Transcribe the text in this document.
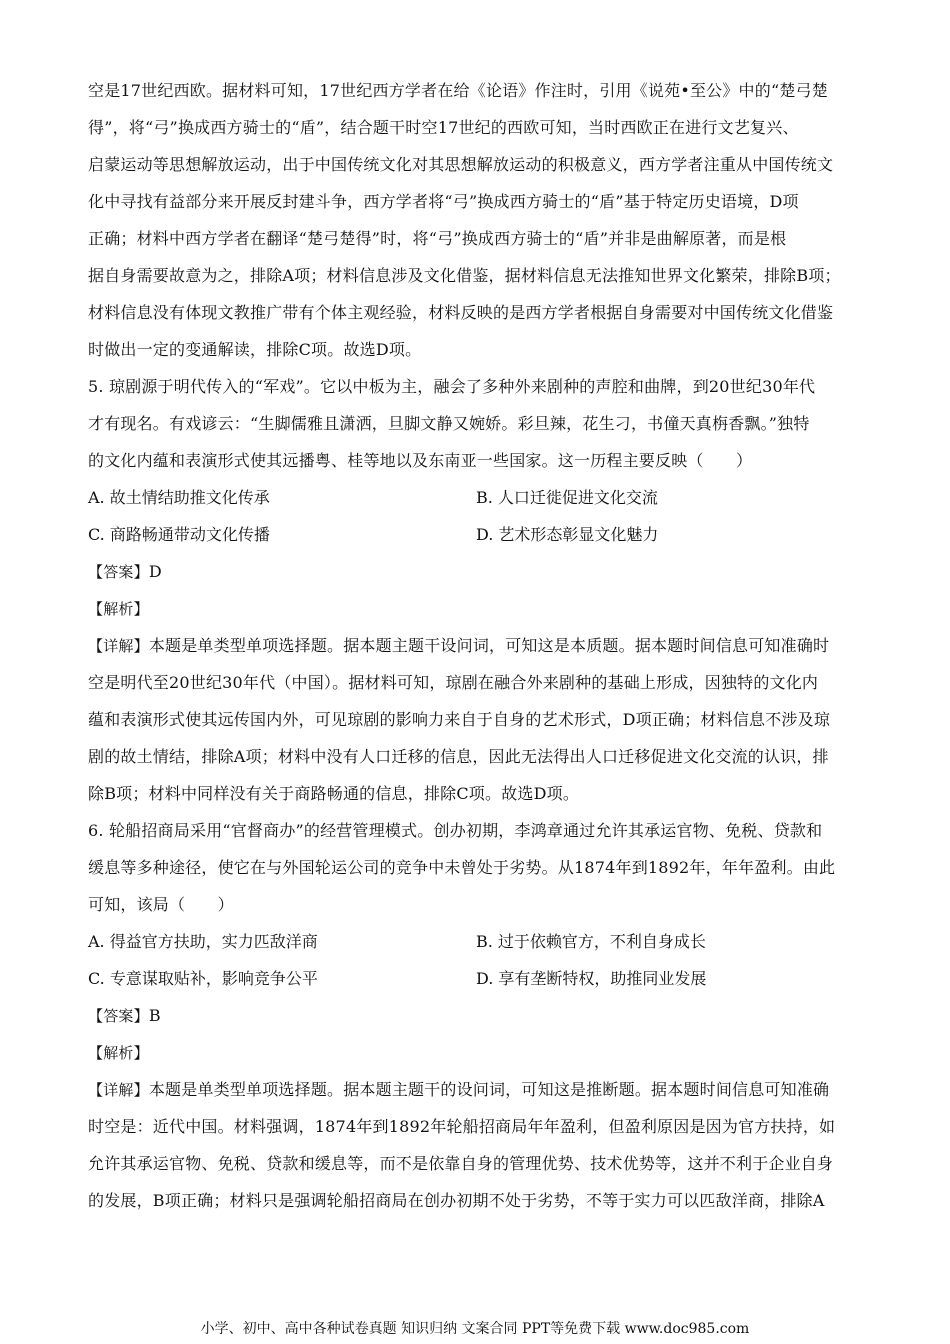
空是17世纪西欧。据材料可知，17世纪西方学者在给《论语》作注时，引用《说苑•至公》中的“楚弓楚
得”，将“弓”换成西方骑士的“盾”，结合题干时空17世纪的西欧可知，当时西欧正在进行文艺复兴、
启蒙运动等思想解放运动，出于中国传统文化对其思想解放运动的积极意义，西方学者注重从中国传统文
化中寻找有益部分来开展反封建斗争，西方学者将“弓”换成西方骑士的“盾”基于特定历史语境，D项
正确；材料中西方学者在翻译“楚弓楚得”时，将“弓”换成西方骑士的“盾”并非是曲解原著，而是根
据自身需要故意为之，排除A项；材料信息涉及文化借鉴，据材料信息无法推知世界文化繁荣，排除B项；
材料信息没有体现文教推广带有个体主观经验，材料反映的是西方学者根据自身需要对中国传统文化借鉴
时做出一定的变通解读，排除C项。故选D项。
5. 琼剧源于明代传入的“军戏”。它以中板为主，融会了多种外来剧种的声腔和曲牌，到20世纪30年代
才有现名。有戏谚云：“生脚儒雅且潇洒，旦脚文静又婉娇。彩旦辣，花生刁，书僮天真栴香飘。”独特
的文化内蕴和表演形式使其远播粤、桂等地以及东南亚一些国家。这一历程主要反映（　　）
A. 故土情结助推文化传承	B. 人口迁徙促进文化交流
C. 商路畅通带动文化传播	D. 艺术形态彰显文化魅力
【答案】D
【解析】
【详解】本题是单类型单项选择题。据本题主题干设问词，可知这是本质题。据本题时间信息可知准确时
空是明代至20世纪30年代（中国）。据材料可知，琼剧在融合外来剧种的基础上形成，因独特的文化内
蕴和表演形式使其远传国内外，可见琼剧的影响力来自于自身的艺术形式，D项正确；材料信息不涉及琼
剧的故土情结，排除A项；材料中没有人口迁移的信息，因此无法得出人口迁移促进文化交流的认识，排
除B项；材料中同样没有关于商路畅通的信息，排除C项。故选D项。
6. 轮船招商局采用“官督商办”的经营管理模式。创办初期，李鸿章通过允许其承运官物、免税、贷款和
缓息等多种途径，使它在与外国轮运公司的竞争中未曾处于劣势。从1874年到1892年，年年盈利。由此
可知，该局（　　）
A. 得益官方扶助，实力匹敌洋商	B. 过于依赖官方，不利自身成长
C. 专意谋取贴补，影响竞争公平	D. 享有垄断特权，助推同业发展
【答案】B
【解析】
【详解】本题是单类型单项选择题。据本题主题干的设问词，可知这是推断题。据本题时间信息可知准确
时空是：近代中国。材料强调，1874年到1892年轮船招商局年年盈利，但盈利原因是因为官方扶持，如
允许其承运官物、免税、贷款和缓息等，而不是依靠自身的管理优势、技术优势等，这并不利于企业自身
的发展，B项正确；材料只是强调轮船招商局在创办初期不处于劣势，不等于实力可以匹敌洋商，排除A
小学、初中、高中各种试卷真题 知识归纳 文案合同 PPT等免费下载 www.doc985.com
